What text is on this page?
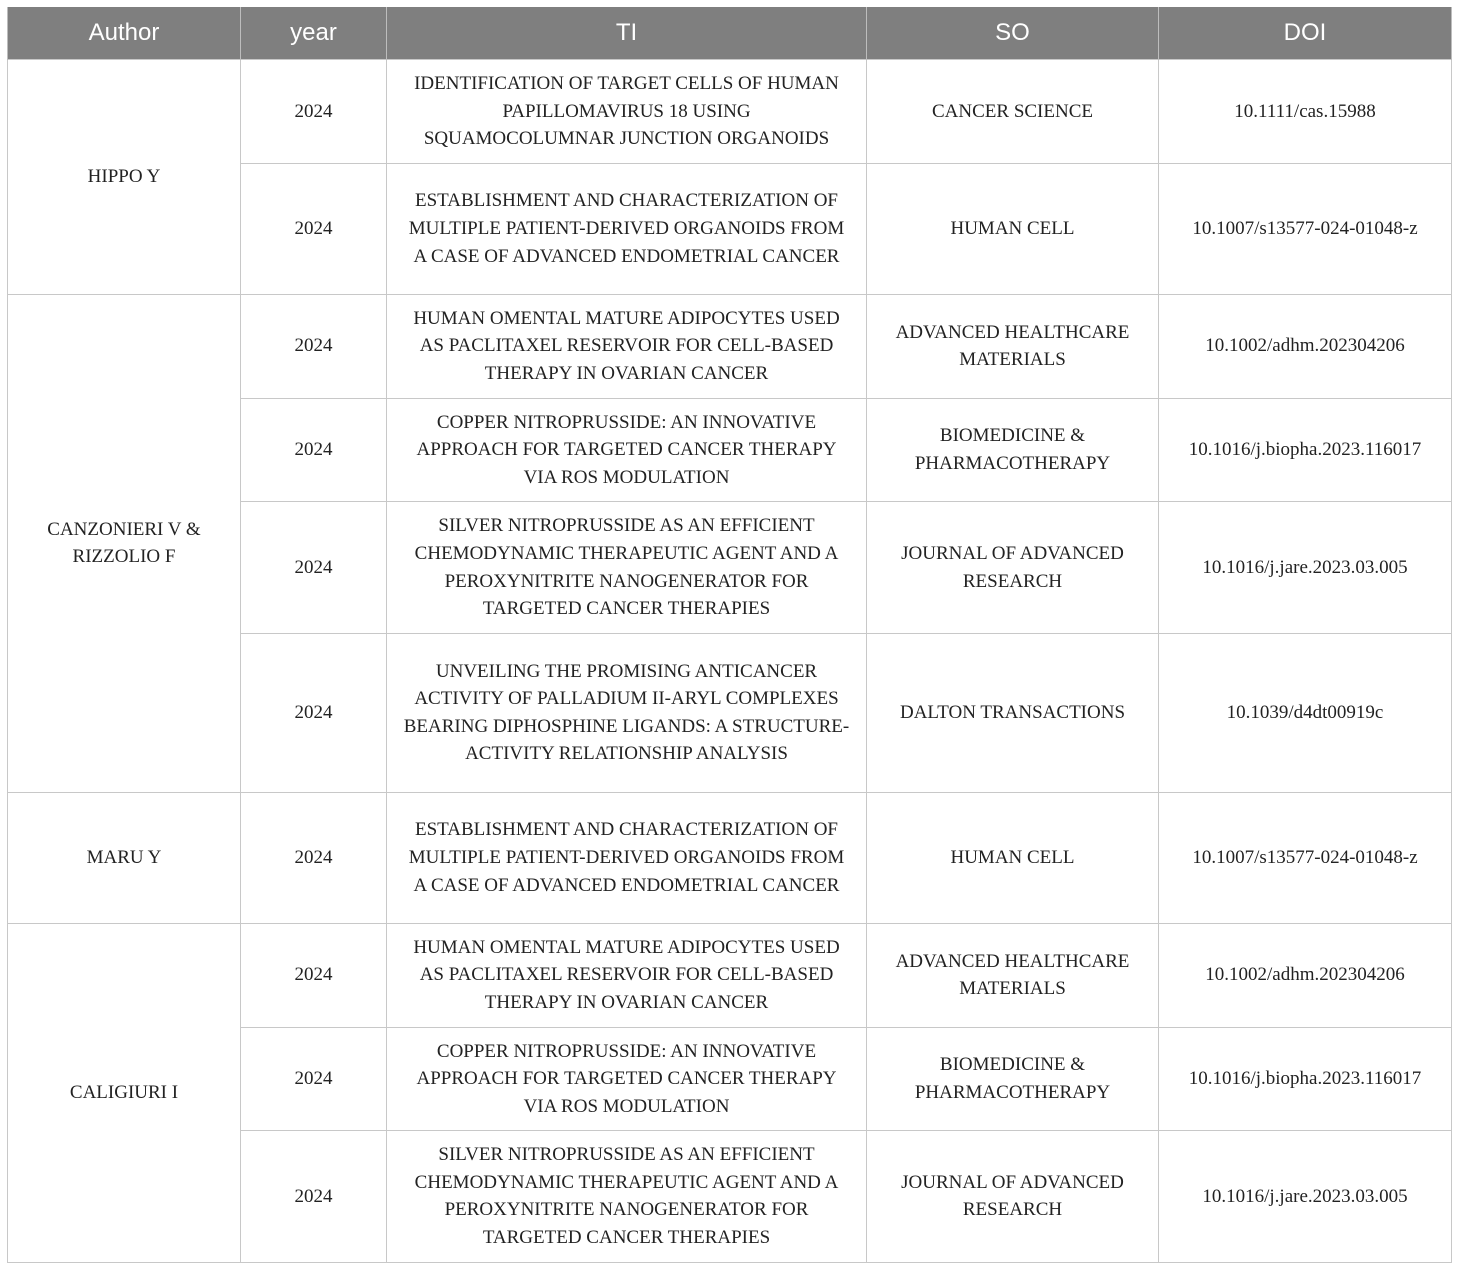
Author	year	TI	SO	DOI
HIPPO Y	2024	IDENTIFICATION OF TARGET CELLS OF HUMAN PAPILLOMAVIRUS 18 USING SQUAMOCOLUMNAR JUNCTION ORGANOIDS	CANCER SCIENCE	10.1111/cas.15988
	2024	ESTABLISHMENT AND CHARACTERIZATION OF MULTIPLE PATIENT-DERIVED ORGANOIDS FROM A CASE OF ADVANCED ENDOMETRIAL CANCER	HUMAN CELL	10.1007/s13577-024-01048-z
CANZONIERI V & RIZZOLIO F	2024	HUMAN OMENTAL MATURE ADIPOCYTES USED AS PACLITAXEL RESERVOIR FOR CELL-BASED THERAPY IN OVARIAN CANCER	ADVANCED HEALTHCARE MATERIALS	10.1002/adhm.202304206
	2024	COPPER NITROPRUSSIDE: AN INNOVATIVE APPROACH FOR TARGETED CANCER THERAPY VIA ROS MODULATION	BIOMEDICINE & PHARMACOTHERAPY	10.1016/j.biopha.2023.116017
	2024	SILVER NITROPRUSSIDE AS AN EFFICIENT CHEMODYNAMIC THERAPEUTIC AGENT AND A PEROXYNITRITE NANOGENERATOR FOR TARGETED CANCER THERAPIES	JOURNAL OF ADVANCED RESEARCH	10.1016/j.jare.2023.03.005
	2024	UNVEILING THE PROMISING ANTICANCER ACTIVITY OF PALLADIUM II-ARYL COMPLEXES BEARING DIPHOSPHINE LIGANDS: A STRUCTURE-ACTIVITY RELATIONSHIP ANALYSIS	DALTON TRANSACTIONS	10.1039/d4dt00919c
MARU Y	2024	ESTABLISHMENT AND CHARACTERIZATION OF MULTIPLE PATIENT-DERIVED ORGANOIDS FROM A CASE OF ADVANCED ENDOMETRIAL CANCER	HUMAN CELL	10.1007/s13577-024-01048-z
CALIGIURI I	2024	HUMAN OMENTAL MATURE ADIPOCYTES USED AS PACLITAXEL RESERVOIR FOR CELL-BASED THERAPY IN OVARIAN CANCER	ADVANCED HEALTHCARE MATERIALS	10.1002/adhm.202304206
	2024	COPPER NITROPRUSSIDE: AN INNOVATIVE APPROACH FOR TARGETED CANCER THERAPY VIA ROS MODULATION	BIOMEDICINE & PHARMACOTHERAPY	10.1016/j.biopha.2023.116017
	2024	SILVER NITROPRUSSIDE AS AN EFFICIENT CHEMODYNAMIC THERAPEUTIC AGENT AND A PEROXYNITRITE NANOGENERATOR FOR TARGETED CANCER THERAPIES	JOURNAL OF ADVANCED RESEARCH	10.1016/j.jare.2023.03.005
